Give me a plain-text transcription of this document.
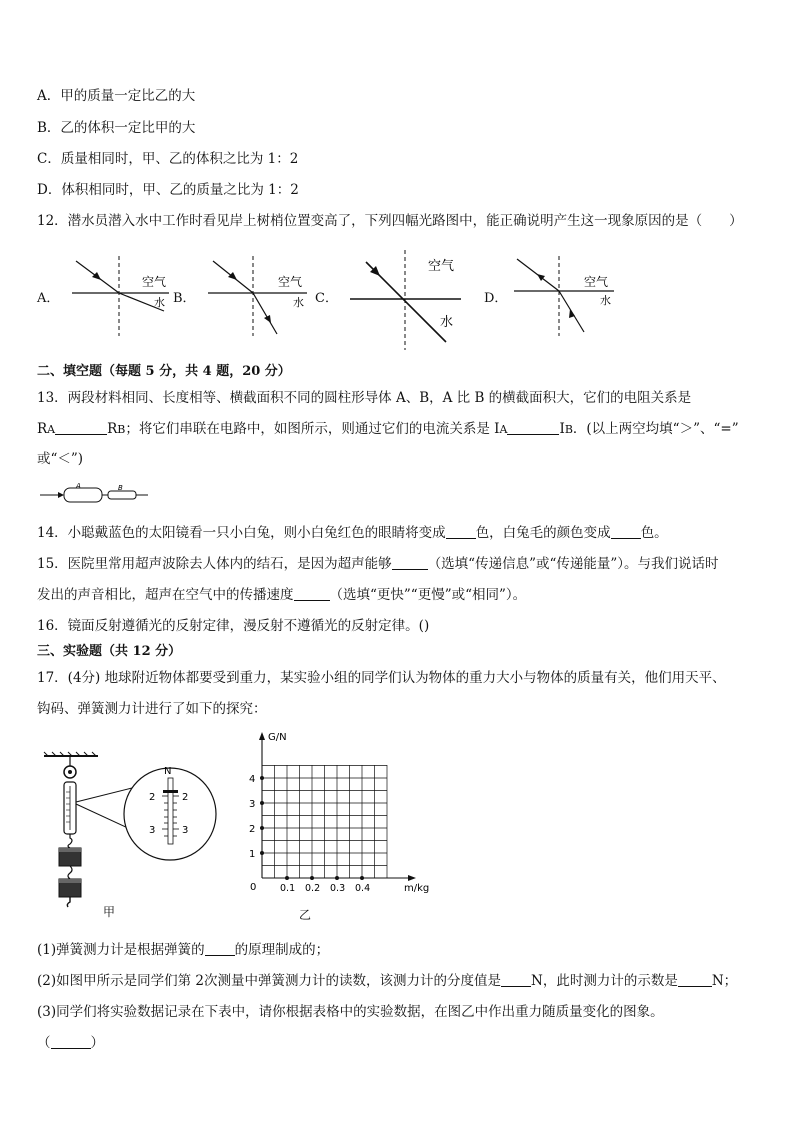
A．甲的质量一定比乙的大
B．乙的体积一定比甲的大
C．质量相同时，甲、乙的体积之比为 1：2
D．体积相同时，甲、乙的质量之比为 1：2
12．潜水员潜入水中工作时看见岸上树梢位置变高了，下列四幅光路图中，能正确说明产生这一现象原因的是（　　）
A．
空气
水 B．
空气
水 C．
空气
水
D．
空气
水
二、填空题（每题 5 分，共 4 题，20 分）
13．两段材料相同、长度相等、横截面积不同的圆柱形导体 A、B，A 比 B 的横截面积大，它们的电阻关系是
RA	RB；将它们串联在电路中，如图所示，则通过它们的电流关系是 IA	IB．(以上两空均填“＞”、“=”
或“＜”)
A	B
14．小聪戴蓝色的太阳镜看一只小白兔，则小白兔红色的眼睛将变成 色，白兔毛的颜色变成 色。
15．医院里常用超声波除去人体内的结石，是因为超声能够	（选填“传递信息”或“传递能量”）。与我们说话时
发出的声音相比，超声在空气中的传播速度	（选填“更快”“更慢”或“相同”）。
16．镜面反射遵循光的反射定律，漫反射不遵循光的反射定律。()
三、实验题（共 12 分）
17．(4分) 地球附近物体都要受到重力，某实验小组的同学们认为物体的重力大小与物体的质量有关，他们用天平、
钩码、弹簧测力计进行了如下的探究：
N
2	2
3	3
甲
0.1 0.2 0.3 0.4
1
2
3
4
G/N
m/kg
0
乙
(1)弹簧测力计是根据弹簧的 的原理制成的；
(2)如图甲所示是同学们第 2次测量中弹簧测力计的读数，该测力计的分度值是 N，此时测力计的示数是	N；
(3)同学们将实验数据记录在下表中，请你根据表格中的实验数据，在图乙中作出重力随质量变化的图象。
（	）
